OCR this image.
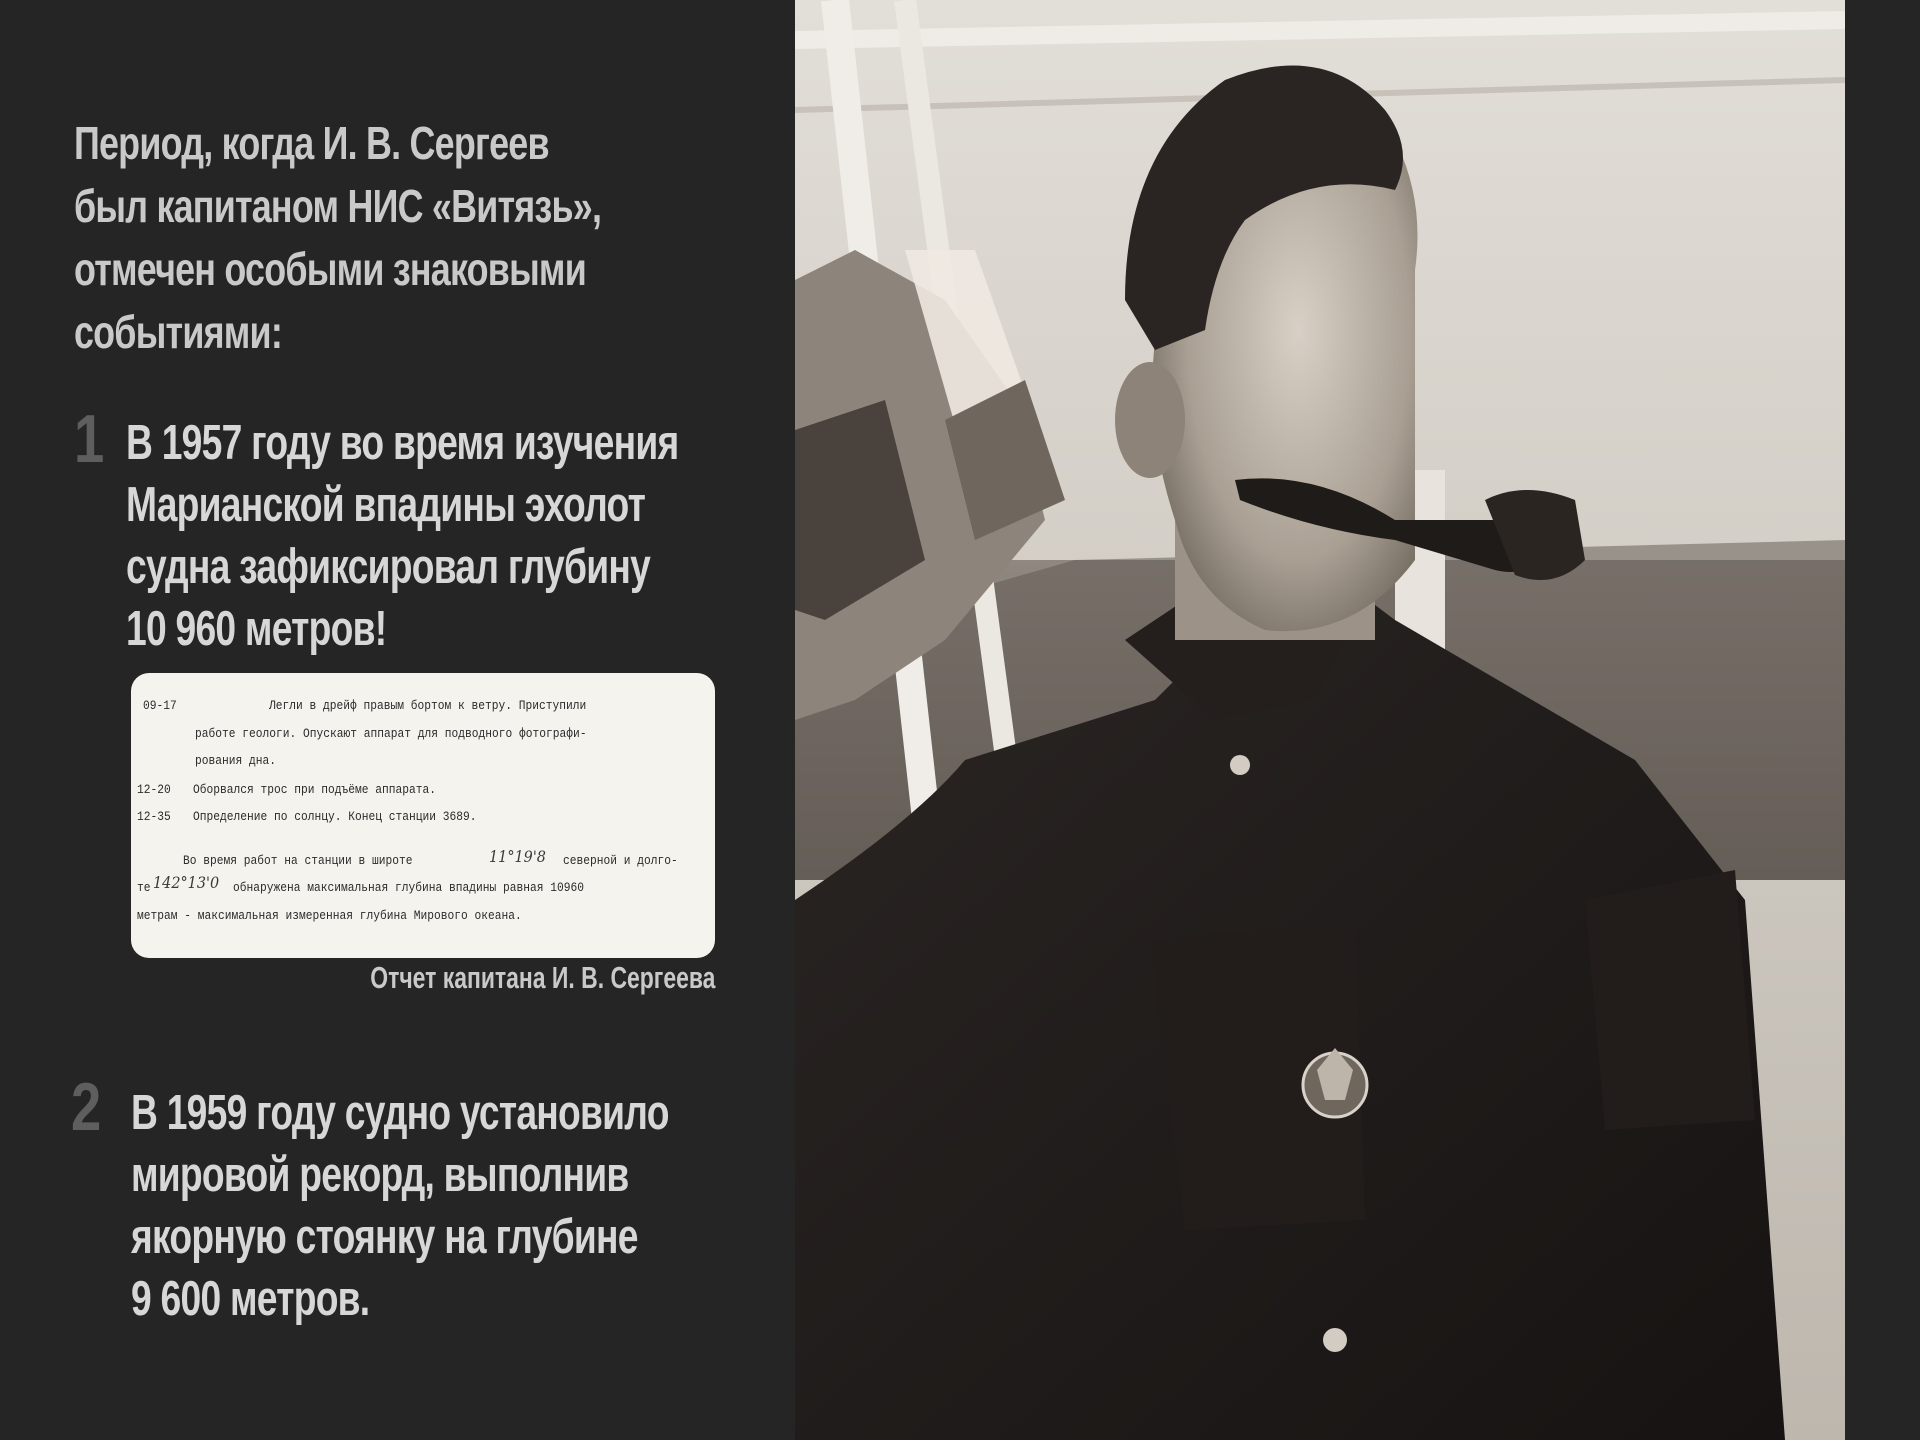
Период, когда И. В. Сергеев
был капитаном НИС «Витязь»,
отмечен особыми знаковыми
событиями:
1 В 1957 году во время изучения
Марианской впадины эхолот
судна зафиксировал глубину
10 960 метров!
09-17	Легли в дрейф правым бортом к ветру. Приступили
работе геологи. Опускают аппарат для подводного фотографи-
рования дна.
12-20 Оборвался трос при подъёме аппарата.
12-35 Определение по солнцу. Конец станции 3689.
Во время работ на станции в широте	11°19'8 северной и долго-
те 142°13'0 обнаружена максимальная глубина впадины равная 10960
метрам - максимальная измеренная глубина Мирового океана.
Отчет капитана И. В. Сергеева
2 В 1959 году судно установило
мировой рекорд, выполнив
якорную стоянку на глубине
9 600 метров.
